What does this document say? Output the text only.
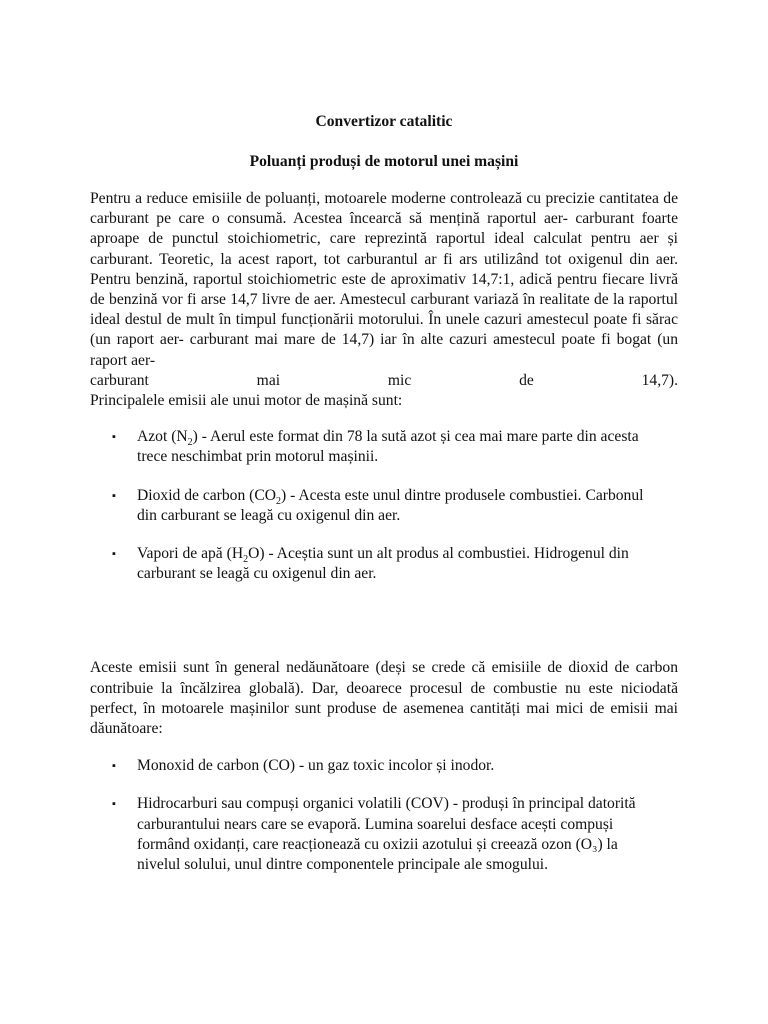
Convertizor catalitic
Poluanți produși de motorul unei mașini

Pentru a reduce emisiile de poluanți, motoarele moderne controlează cu precizie cantitatea de carburant pe care o consumă. Acestea încearcă să mențină raportul aer- carburant foarte aproape de punctul stoichiometric, care reprezintă raportul ideal calculat pentru aer și carburant. Teoretic, la acest raport, tot carburantul ar fi ars utilizând tot oxigenul din aer. Pentru benzină, raportul stoichiometric este de aproximativ 14,7:1, adică pentru fiecare livră de benzină vor fi arse 14,7 livre de aer. Amestecul carburant variază în realitate de la raportul ideal destul de mult în timpul funcționării motorului. În unele cazuri amestecul poate fi sărac (un raport aer- carburant mai mare de 14,7) iar în alte cazuri amestecul poate fi bogat (un raport aer-
carburant mai mic de 14,7).
Principalele emisii ale unui motor de mașină sunt:

▪ Azot $(N_2)$ - Aerul este format din 78 la sută azot și cea mai mare parte din acesta trece neschimbat prin motorul mașinii.
▪ Dioxid de carbon $(CO_2)$ - Acesta este unul dintre produsele combustiei. Carbonul din carburant se leagă cu oxigenul din aer.
▪ Vapori de apă $(H_2O)$ - Aceștia sunt un alt produs al combustiei. Hidrogenul din carburant se leagă cu oxigenul din aer.

Aceste emisii sunt în general nedăunătoare (deși se crede că emisiile de dioxid de carbon contribuie la încălzirea globală). Dar, deoarece procesul de combustie nu este niciodată perfect, în motoarele mașinilor sunt produse de asemenea cantități mai mici de emisii mai dăunătoare:

▪ Monoxid de carbon (CO) - un gaz toxic incolor și inodor.
▪ Hidrocarburi sau compuși organici volatili (COV) - produși în principal datorită carburantului nears care se evaporă. Lumina soarelui desface acești compuși formând oxidanți, care reacționează cu oxizii azotului și creează ozon (O₃) la nivelul solului, unul dintre componentele principale ale smogului.
